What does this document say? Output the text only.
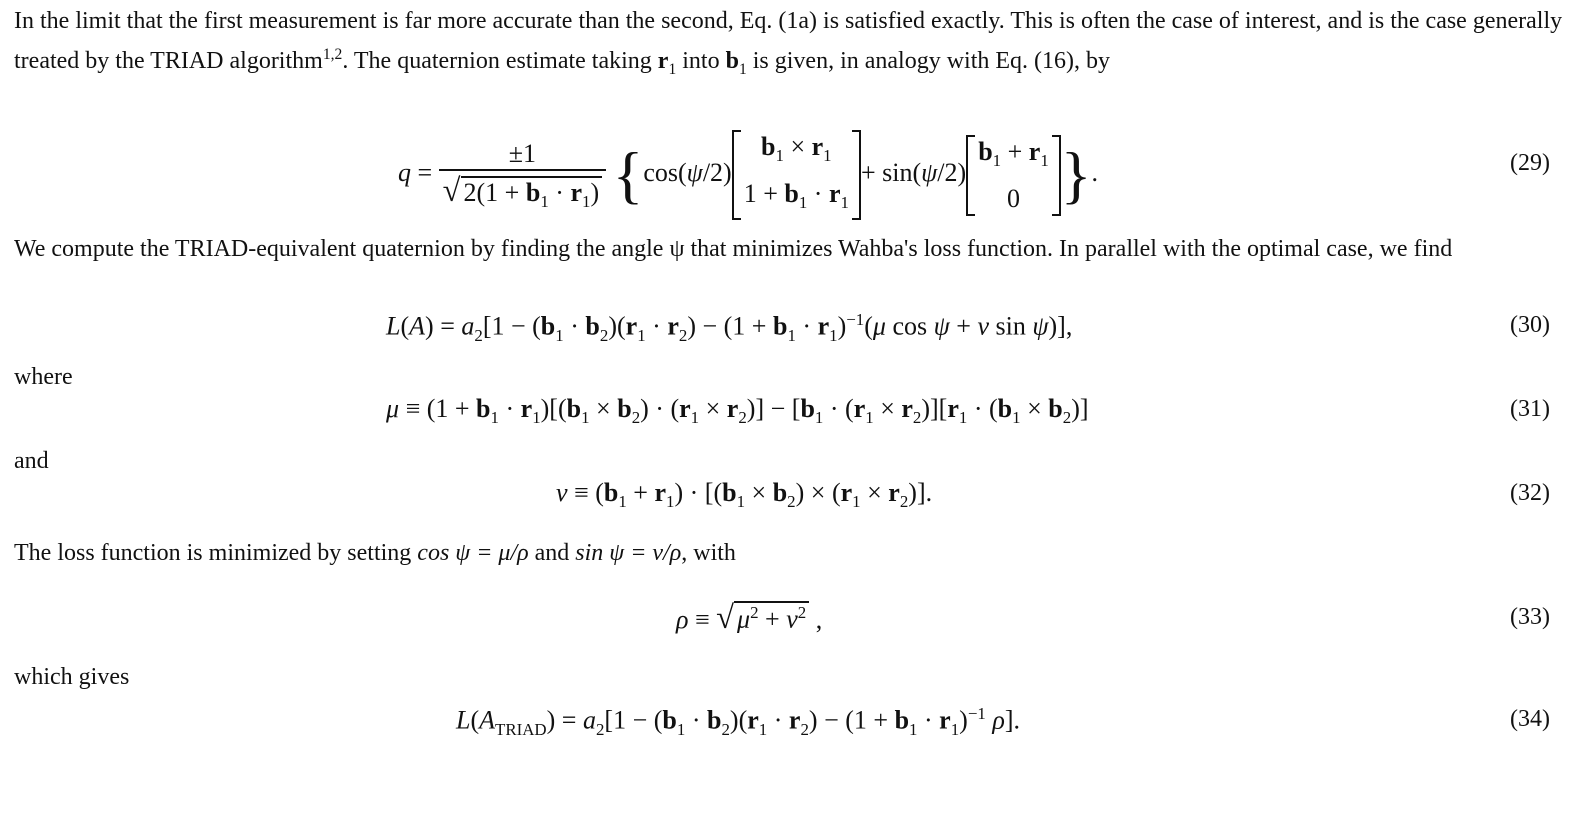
In the limit that the first measurement is far more accurate than the second, Eq. (1a) is satisfied exactly. This is often the case of interest, and is the case generally treated by the TRIAD algorithm$^{1,2}$. The quaternion estimate taking $r_1$ into $b_1$ is given, in analogy with Eq. (16), by

$q = \frac{\pm 1}{√ 2(1 + b_1 \cdot r_1)} \{\cos(\psi/2)b_1 \times r_1$
$1 + b_1 \cdot r_1+ \sin(\psi/2)b_1 + r_1$
0 }.	(29)

We compute the TRIAD-equivalent quaternion by finding the angle ψ that minimizes Wahba's loss function. In parallel with the optimal case, we find

$L(A) = a_2[1 - (b_1 \cdot b_2)(r_1 \cdot r_2) - (1 + b_1 \cdot r_1)^{-1}(\mu$ cos ψ + ν sin ψ)],	(30)

where

$\mu \equiv (1 + b_1 \cdot r_1)[(b_1 \times b_2) \cdot (r_1 \times r_2)] - [b_1 \cdot (r_1 \times r_2)][r_1 \cdot (b_1 \times b_2)]$	(31)

and

$\nu \equiv (b_1 + r_1) \cdot [(b_1 \times b_2) \times (r_1 \times r_2)]$.	(32)

The loss function is minimized by setting cos ψ = μ/ρ and sin ψ = ν/ρ, with

ρ ≡ √ $\mu^2 + \nu^2$ ,	(33)

which gives

$L(A_{TRIAD}) = a_2[1 - (b_1 \cdot b_2)(r_1 \cdot r_2) - (1 + b_1 \cdot r_1)^{-1}$ ρ].	(34)
